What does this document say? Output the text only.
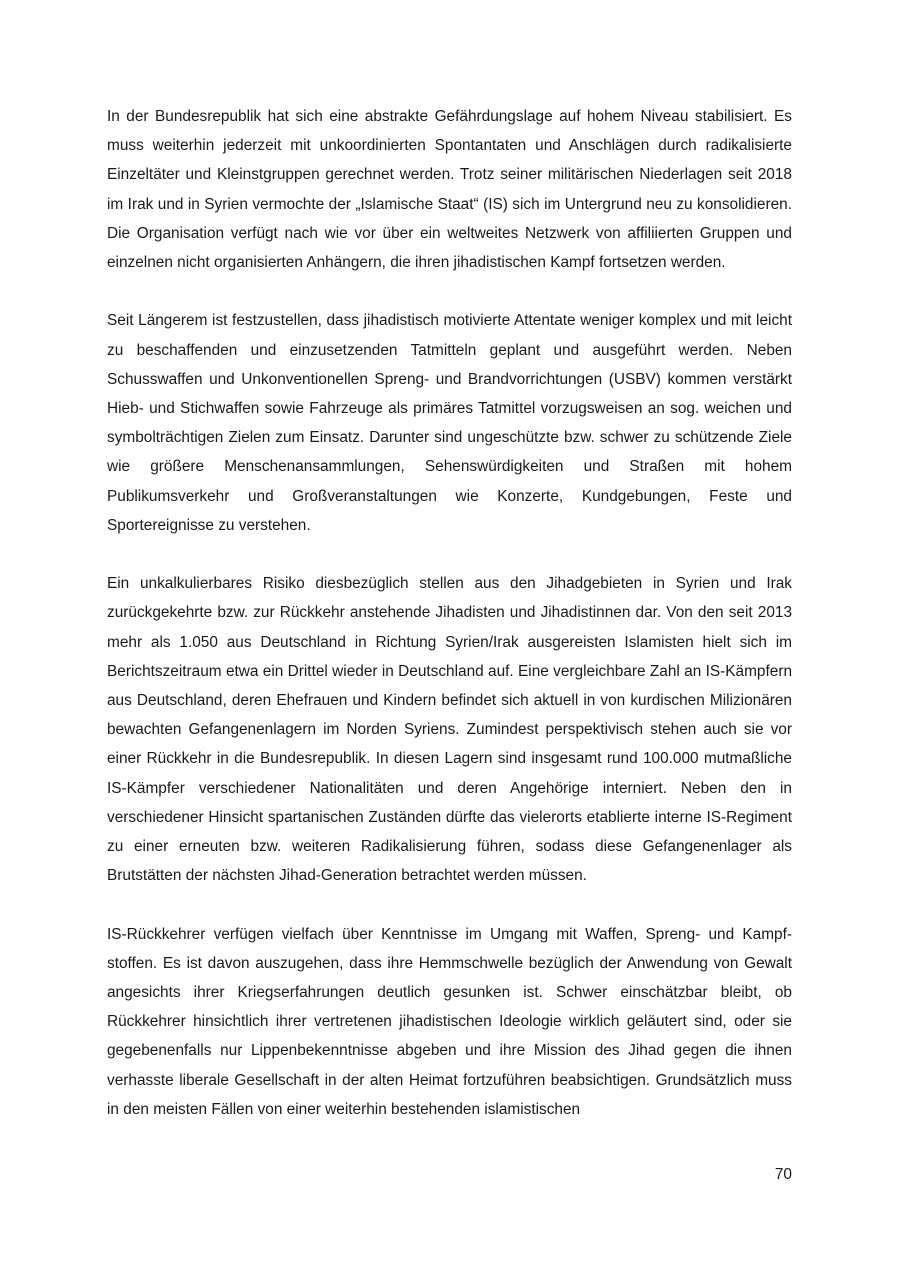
In der Bundesrepublik hat sich eine abstrakte Gefährdungslage auf hohem Niveau stabilisiert. Es muss weiterhin jederzeit mit unkoordinierten Spontantaten und Anschlägen durch radikalisierte Einzeltäter und Kleinstgruppen gerechnet werden. Trotz seiner militärischen Niederlagen seit 2018 im Irak und in Syrien vermochte der „Islamische Staat“ (IS) sich im Untergrund neu zu konsolidieren. Die Organisation verfügt nach wie vor über ein weltweites Netzwerk von affiliierten Gruppen und einzelnen nicht organisierten Anhängern, die ihren jihadistischen Kampf fortsetzen werden.

Seit Längerem ist festzustellen, dass jihadistisch motivierte Attentate weniger komplex und mit leicht zu beschaffenden und einzusetzenden Tatmitteln geplant und ausgeführt werden. Neben Schusswaffen und Unkonventionellen Spreng- und Brandvorrichtungen (USBV) kommen verstärkt Hieb- und Stichwaffen sowie Fahrzeuge als primäres Tatmittel vorzugsweisen an sog. weichen und symbolträchtigen Zielen zum Einsatz. Darunter sind ungeschützte bzw. schwer zu schützende Ziele wie größere Menschenansammlungen, Sehenswürdigkeiten und Straßen mit hohem Publikumsverkehr und Großveranstaltungen wie Konzerte, Kundgebungen, Feste und Sportereignisse zu verstehen.

Ein unkalkulierbares Risiko diesbezüglich stellen aus den Jihadgebieten in Syrien und Irak zurückgekehrte bzw. zur Rückkehr anstehende Jihadisten und Jihadistinnen dar. Von den seit 2013 mehr als 1.050 aus Deutschland in Richtung Syrien/Irak ausgereisten Islamisten hielt sich im Berichtszeitraum etwa ein Drittel wieder in Deutschland auf. Eine vergleichbare Zahl an IS-Kämpfern aus Deutschland, deren Ehefrauen und Kindern befindet sich aktuell in von kurdischen Milizionären bewachten Gefangenenlagern im Norden Syriens. Zumindest perspektivisch stehen auch sie vor einer Rückkehr in die Bundesrepublik. In diesen Lagern sind insgesamt rund 100.000 mutmaßliche IS-Kämpfer verschiedener Nationalitäten und deren Angehörige interniert. Neben den in verschiedener Hinsicht spartanischen Zuständen dürfte das vielerorts etablierte interne IS-Regiment zu einer erneuten bzw. weiteren Radikalisierung führen, sodass diese Gefangenenlager als Brutstätten der nächsten Jihad-Generation betrachtet werden müssen.

IS-Rückkehrer verfügen vielfach über Kenntnisse im Umgang mit Waffen, Spreng- und Kampfstoffen. Es ist davon auszugehen, dass ihre Hemmschwelle bezüglich der Anwendung von Gewalt angesichts ihrer Kriegserfahrungen deutlich gesunken ist. Schwer einschätzbar bleibt, ob Rückkehrer hinsichtlich ihrer vertretenen jihadistischen Ideologie wirklich geläutert sind, oder sie gegebenenfalls nur Lippenbekenntnisse abgeben und ihre Mission des Jihad gegen die ihnen verhasste liberale Gesellschaft in der alten Heimat fortzuführen beabsichtigen. Grundsätzlich muss in den meisten Fällen von einer weiterhin bestehenden islamistischen

70
